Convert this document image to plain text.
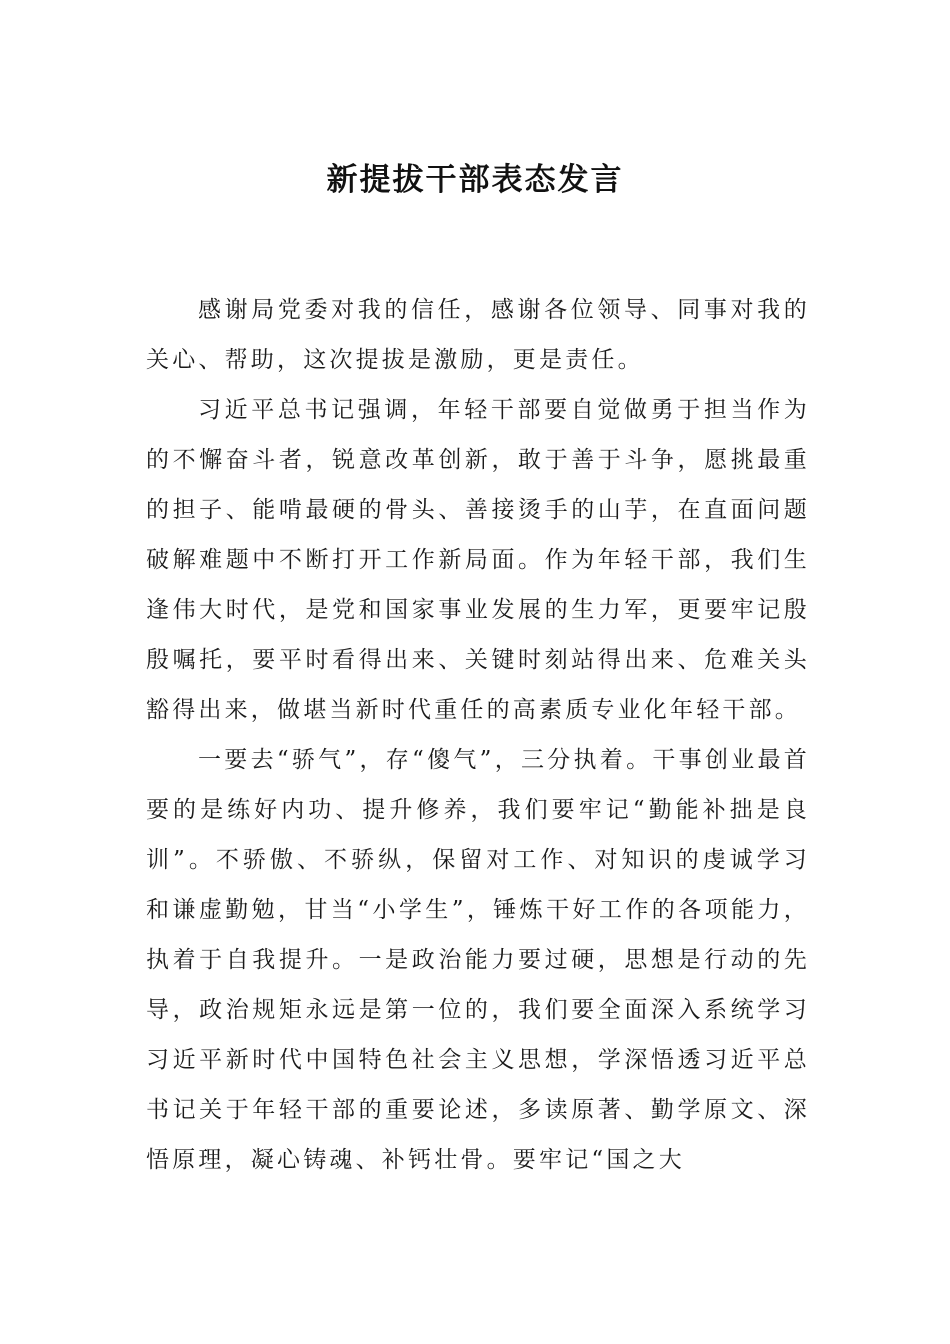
新提拔干部表态发言

感谢局党委对我的信任，感谢各位领导、同事对我的关心、帮助，这次提拔是激励，更是责任。

习近平总书记强调，年轻干部要自觉做勇于担当作为的不懈奋斗者，锐意改革创新，敢于善于斗争，愿挑最重的担子、能啃最硬的骨头、善接烫手的山芋，在直面问题破解难题中不断打开工作新局面。作为年轻干部，我们生逢伟大时代，是党和国家事业发展的生力军，更要牢记殷殷嘱托，要平时看得出来、关键时刻站得出来、危难关头豁得出来，做堪当新时代重任的高素质专业化年轻干部。

一要去“骄气”，存“傻气”，三分执着。干事创业最首要的是练好内功、提升修养，我们要牢记“勤能补拙是良训”。不骄傲、不骄纵，保留对工作、对知识的虔诚学习和谦虚勤勉，甘当“小学生”，锤炼干好工作的各项能力，执着于自我提升。一是政治能力要过硬，思想是行动的先导，政治规矩永远是第一位的，我们要全面深入系统学习习近平新时代中国特色社会主义思想，学深悟透习近平总书记关于年轻干部的重要论述，多读原著、勤学原文、深悟原理，凝心铸魂、补钙壮骨。要牢记“国之大
